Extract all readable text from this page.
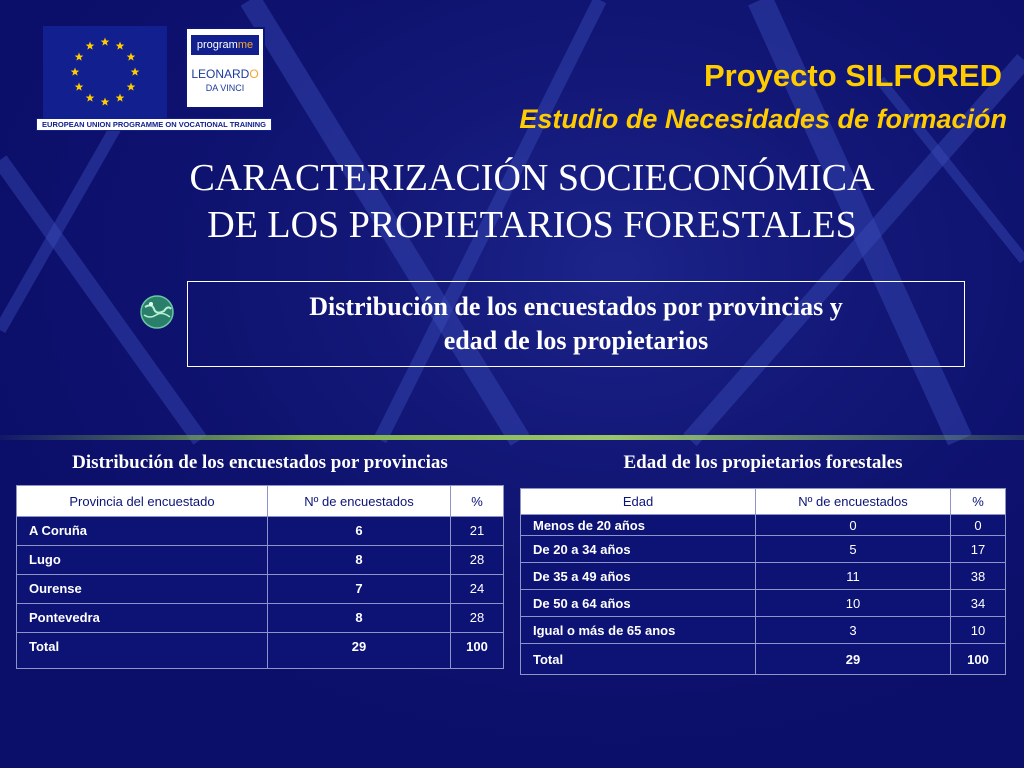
EUROPEAN UNION PROGRAMME ON VOCATIONAL TRAINING
programme
LEONARDO
DA VINCI	Proyecto SILFORED
Estudio de Necesidades de formación
CARACTERIZACIÓN SOCIECONÓMICA
DE LOS PROPIETARIOS FORESTALES
Distribución de los encuestados por provincias y
edad de los propietarios
Distribución de los encuestados por provincias	Edad de los propietarios forestales
Provincia del encuestado	Nº de encuestados	%
A Coruña	6	21
Lugo	8	28
Ourense	7	24
Pontevedra	8	28
Total	29	100
Edad	Nº de encuestados	%
Menos de 20 años	0	0
De 20 a 34 años	5	17
De 35 a 49 años	11	38
De 50 a 64 años	10	34
Igual o más de 65 anos	3	10
Total	29	100
